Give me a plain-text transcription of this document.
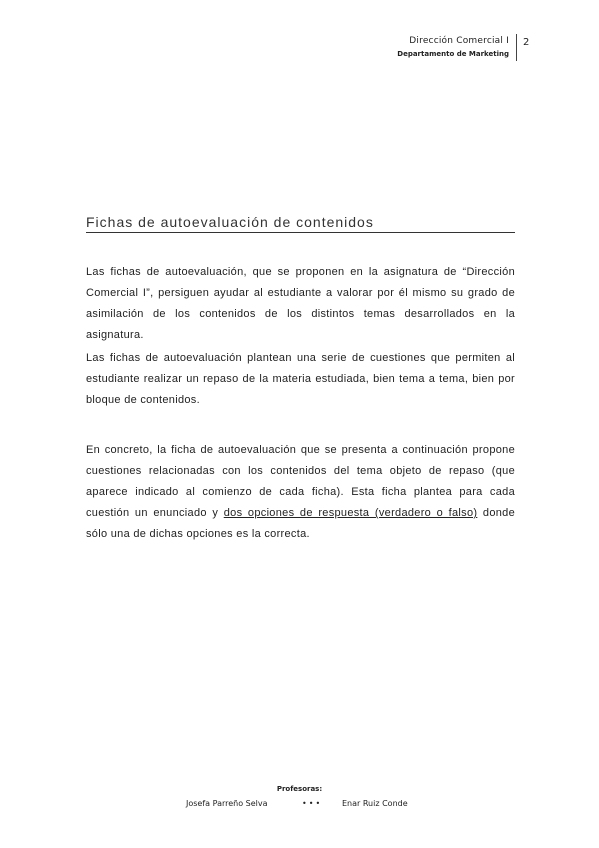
Dirección Comercial I
Departamento de Marketing
2
Fichas de autoevaluación de contenidos
Las fichas de autoevaluación, que se proponen en la asignatura de “Dirección Comercial I”, persiguen ayudar al estudiante a valorar por él mismo su grado de asimilación de los contenidos de los distintos temas desarrollados en la asignatura.
Las fichas de autoevaluación plantean una serie de cuestiones que permiten al estudiante realizar un repaso de la materia estudiada, bien tema a tema, bien por bloque de contenidos.
En concreto, la ficha de autoevaluación que se presenta a continuación propone cuestiones relacionadas con los contenidos del tema objeto de repaso (que aparece indicado al comienzo de cada ficha). Esta ficha plantea para cada cuestión un enunciado y dos opciones de respuesta (verdadero o falso) donde sólo una de dichas opciones es la correcta.
Profesoras:
Josefa Parreño Selva	••• Enar Ruiz Conde
